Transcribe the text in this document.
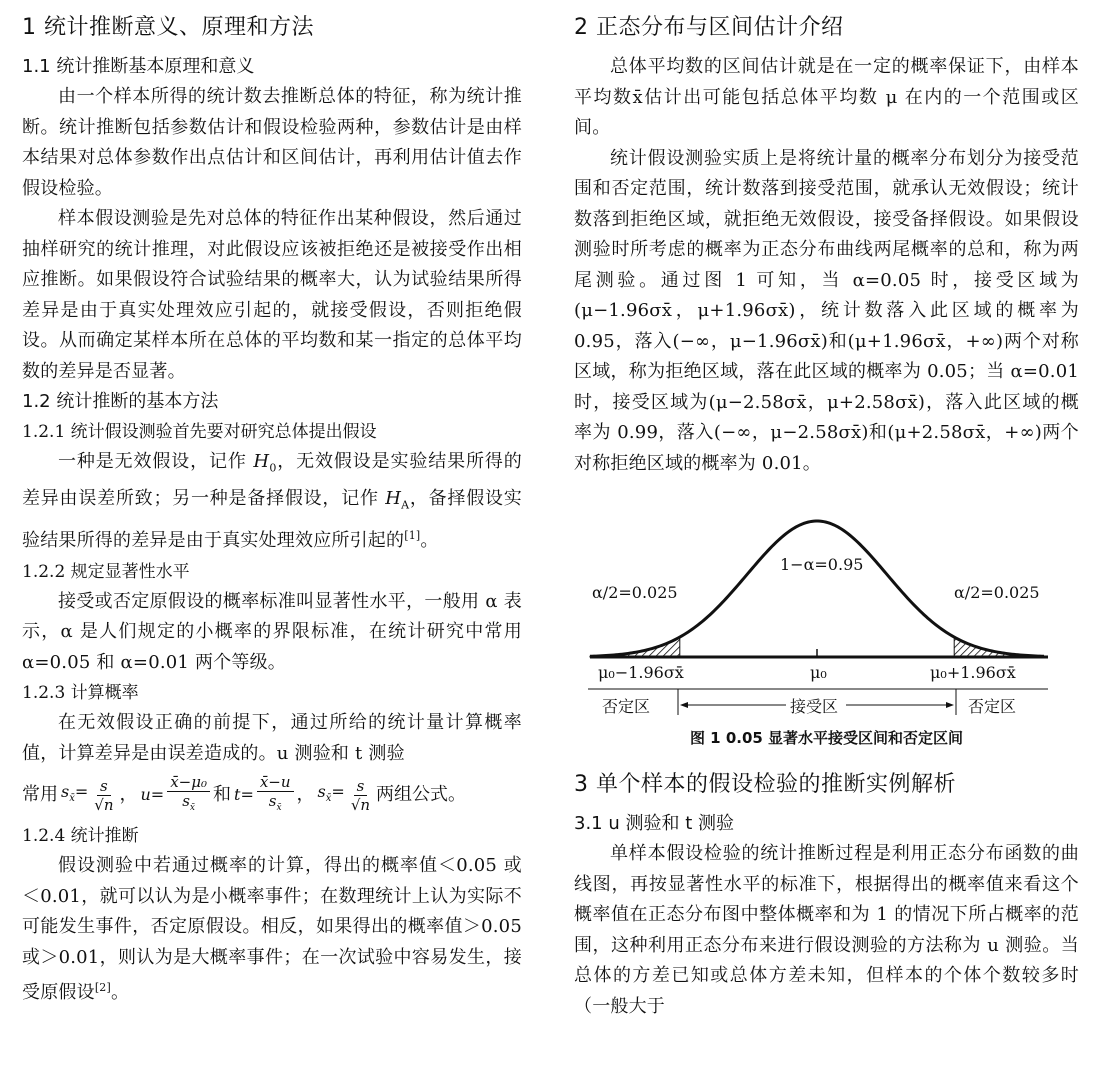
1 统计推断意义、原理和方法
1.1 统计推断基本原理和意义

由一个样本所得的统计数去推断总体的特征，称为统计推断。统计推断包括参数估计和假设检验两种，参数估计是由样本结果对总体参数作出点估计和区间估计，再利用估计值去作假设检验。

样本假设测验是先对总体的特征作出某种假设，然后通过抽样研究的统计推理，对此假设应该被拒绝还是被接受作出相应推断。如果假设符合试验结果的概率大，认为试验结果所得差异是由于真实处理效应引起的，就接受假设，否则拒绝假设。从而确定某样本所在总体的平均数和某一指定的总体平均数的差异是否显著。

1.2 统计推断的基本方法
1.2.1 统计假设测验首先要对研究总体提出假设

一种是无效假设，记作 $H_0$，无效假设是实验结果所得的差异由误差所致；另一种是备择假设，记作 $H_A$，备择假设实验结果所得的差异是由于真实处理效应所引起的[1]。

1.2.2 规定显著性水平

接受或否定原假设的概率标准叫显著性水平，一般用 α 表示，α 是人们规定的小概率的界限标准，在统计研究中常用 α=0.05 和 α=0.01 两个等级。

1.2.3 计算概率

在无效假设正确的前提下，通过所给的统计量计算概率值，计算差异是由误差造成的。u 测验和 t 测验

常用 $s_{x̄}= \frac{s}{√n}$ ， $u= \frac{\text{x̄−μ₀}}{s_{x̄}}$ 和 $t= \frac{x̄-u}{s_{x̄}}$ ， $s_{x̄}= \frac{s}{√n}$ 两组公式。
1.2.4 统计推断

假设测验中若通过概率的计算，得出的概率值＜0.05 或＜0.01，就可以认为是小概率事件；在数理统计上认为实际不可能发生事件，否定原假设。相反，如果得出的概率值＞0.05 或＞0.01，则认为是大概率事件；在一次试验中容易发生，接受原假设[2]。

2 正态分布与区间估计介绍

总体平均数的区间估计就是在一定的概率保证下，由样本平均数x̄估计出可能包括总体平均数 μ 在内的一个范围或区间。

统计假设测验实质上是将统计量的概率分布划分为接受范围和否定范围，统计数落到接受范围，就承认无效假设；统计数落到拒绝区域，就拒绝无效假设，接受备择假设。如果假设测验时所考虑的概率为正态分布曲线两尾概率的总和，称为两尾测验。通过图 1 可知，当 α=0.05 时，接受区域为(μ−1.96σx̄，μ+1.96σx̄)，统计数落入此区域的概率为 0.95，落入(−∞，μ−1.96σx̄)和(μ+1.96σx̄，+∞)两个对称区域，称为拒绝区域，落在此区域的概率为 0.05；当 α=0.01 时，接受区域为(μ−2.58σx̄，μ+2.58σx̄)，落入此区域的概率为 0.99，落入(−∞，μ−2.58σx̄)和(μ+2.58σx̄，+∞)两个对称拒绝区域的概率为 0.01。

1−α=0.95
α/2=0.025	α/2=0.025
μ₀−1.96σx̄	μ₀	μ₀+1.96σx̄
否定区	接受区	否定区
图 1 0.05 显著水平接受区间和否定区间
3 单个样本的假设检验的推断实例解析
3.1 u 测验和 t 测验

单样本假设检验的统计推断过程是利用正态分布函数的曲线图，再按显著性水平的标准下，根据得出的概率值来看这个概率值在正态分布图中整体概率和为 1 的情况下所占概率的范围，这种利用正态分布来进行假设测验的方法称为 u 测验。当总体的方差已知或总体方差未知，但样本的个体个数较多时（一般大于
